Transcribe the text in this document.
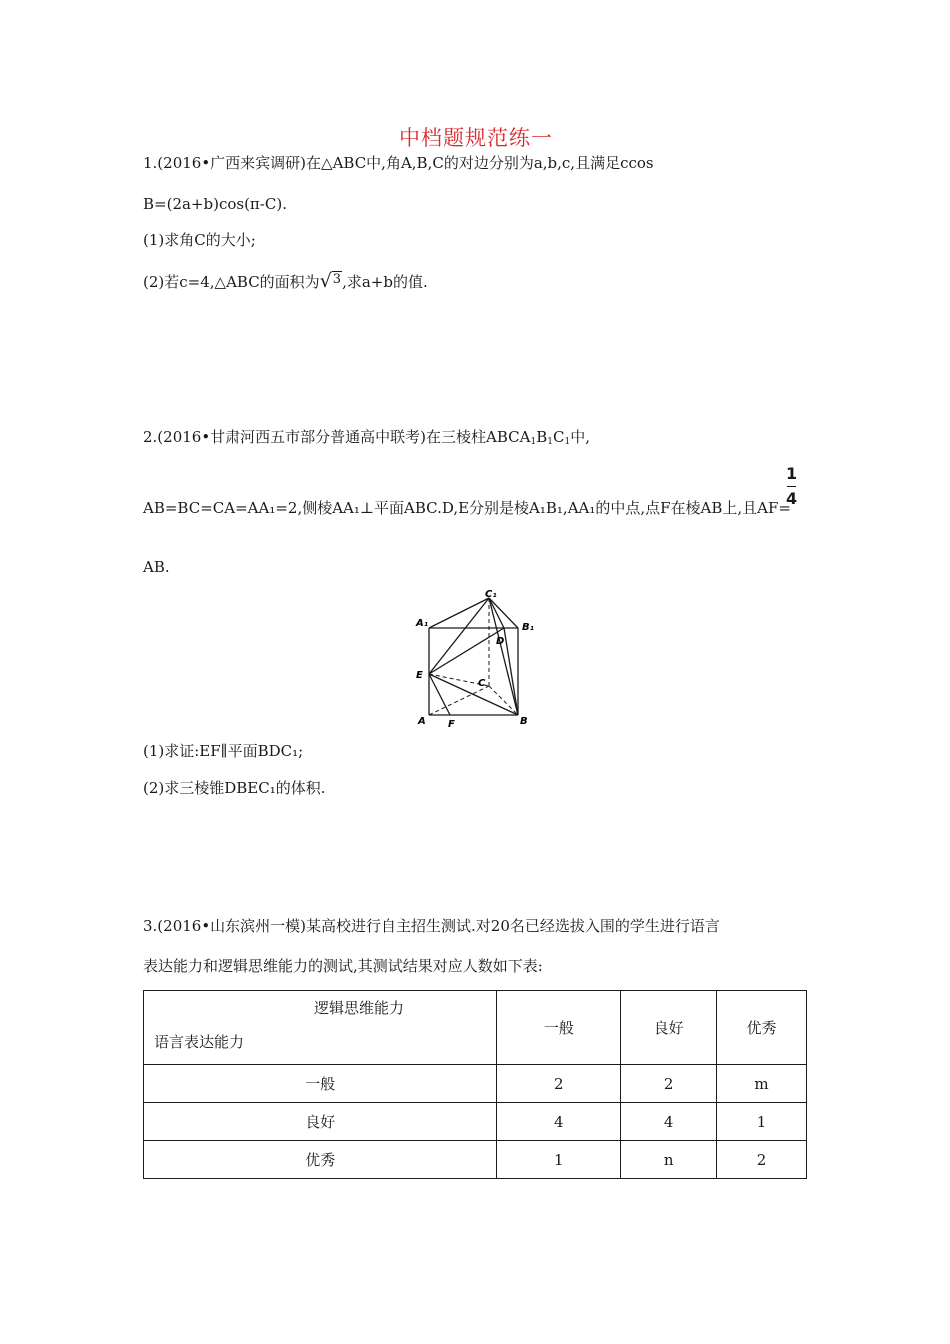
中档题规范练一
1.(2016•广西来宾调研)在△ABC中,角A,B,C的对边分别为a,b,c,且满足ccos
B=(2a+b)cos(π-C).
(1)求角C的大小;
(2)若c=4,△ABC的面积为√3,求a+b的值.
2.(2016•甘肃河西五市部分普通高中联考)在三棱柱$ABCA_1B_1C_1$中,
1
4
AB=BC=CA=AA₁=2,侧棱AA₁⊥平面ABC.D,E分别是棱A₁B₁,AA₁的中点,点F在棱AB上,且AF=
AB.
C₁
A₁	B₁
D
E
C
A F	B
(1)求证:EF∥平面BDC₁;
(2)求三棱锥DBEC₁的体积.
3.(2016•山东滨州一模)某高校进行自主招生测试.对20名已经选拔入围的学生进行语言
表达能力和逻辑思维能力的测试,其测试结果对应人数如下表:
逻辑思维能力
语言表达能力	一般	良好	优秀
一般	2	2	m
良好	4	4	1
优秀	1	n	2
